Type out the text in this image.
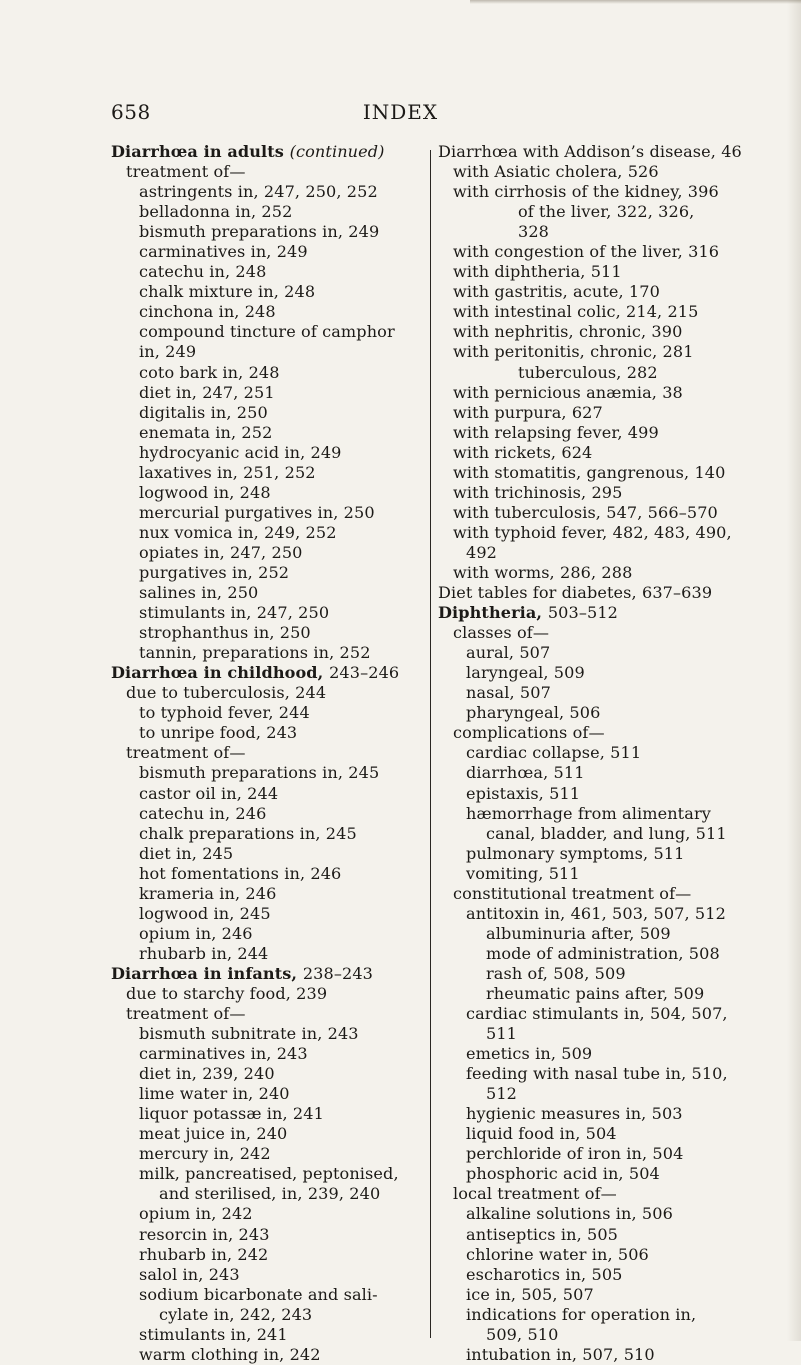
INDEX
658
Diarrhœa in adults (continued)
treatment of—
astringents in, 247, 250, 252
belladonna in, 252
bismuth preparations in, 249
carminatives in, 249
catechu in, 248
chalk mixture in, 248
cinchona in, 248
compound tincture of camphor
in, 249
coto bark in, 248
diet in, 247, 251
digitalis in, 250
enemata in, 252
hydrocyanic acid in, 249
laxatives in, 251, 252
logwood in, 248
mercurial purgatives in, 250
nux vomica in, 249, 252
opiates in, 247, 250
purgatives in, 252
salines in, 250
stimulants in, 247, 250
strophanthus in, 250
tannin, preparations in, 252
Diarrhœa in childhood, 243–246
due to tuberculosis, 244
to typhoid fever, 244
to unripe food, 243
treatment of—
bismuth preparations in, 245
castor oil in, 244
catechu in, 246
chalk preparations in, 245
diet in, 245
hot fomentations in, 246
krameria in, 246
logwood in, 245
opium in, 246
rhubarb in, 244
Diarrhœa in infants, 238–243
due to starchy food, 239
treatment of—
bismuth subnitrate in, 243
carminatives in, 243
diet in, 239, 240
lime water in, 240
liquor potassæ in, 241
meat juice in, 240
mercury in, 242
milk, pancreatised, peptonised,
and sterilised, in, 239, 240
opium in, 242
resorcin in, 243
rhubarb in, 242
salol in, 243
sodium bicarbonate and sali-
cylate in, 242, 243
stimulants in, 241
warm clothing in, 242
Diarrhœa with Addison’s disease, 46
with Asiatic cholera, 526
with cirrhosis of the kidney, 396
of the liver, 322, 326,
328
with congestion of the liver, 316
with diphtheria, 511
with gastritis, acute, 170
with intestinal colic, 214, 215
with nephritis, chronic, 390
with peritonitis, chronic, 281
tuberculous, 282
with pernicious anæmia, 38
with purpura, 627
with relapsing fever, 499
with rickets, 624
with stomatitis, gangrenous, 140
with trichinosis, 295
with tuberculosis, 547, 566–570
with typhoid fever, 482, 483, 490,
492
with worms, 286, 288
Diet tables for diabetes, 637–639
Diphtheria, 503–512
classes of—
aural, 507
laryngeal, 509
nasal, 507
pharyngeal, 506
complications of—
cardiac collapse, 511
diarrhœa, 511
epistaxis, 511
hæmorrhage from alimentary
canal, bladder, and lung, 511
pulmonary symptoms, 511
vomiting, 511
constitutional treatment of—
antitoxin in, 461, 503, 507, 512
albuminuria after, 509
mode of administration, 508
rash of, 508, 509
rheumatic pains after, 509
cardiac stimulants in, 504, 507,
511
emetics in, 509
feeding with nasal tube in, 510,
512
hygienic measures in, 503
liquid food in, 504
perchloride of iron in, 504
phosphoric acid in, 504
local treatment of—
alkaline solutions in, 506
antiseptics in, 505
chlorine water in, 506
escharotics in, 505
ice in, 505, 507
indications for operation in,
509, 510
intubation in, 507, 510
